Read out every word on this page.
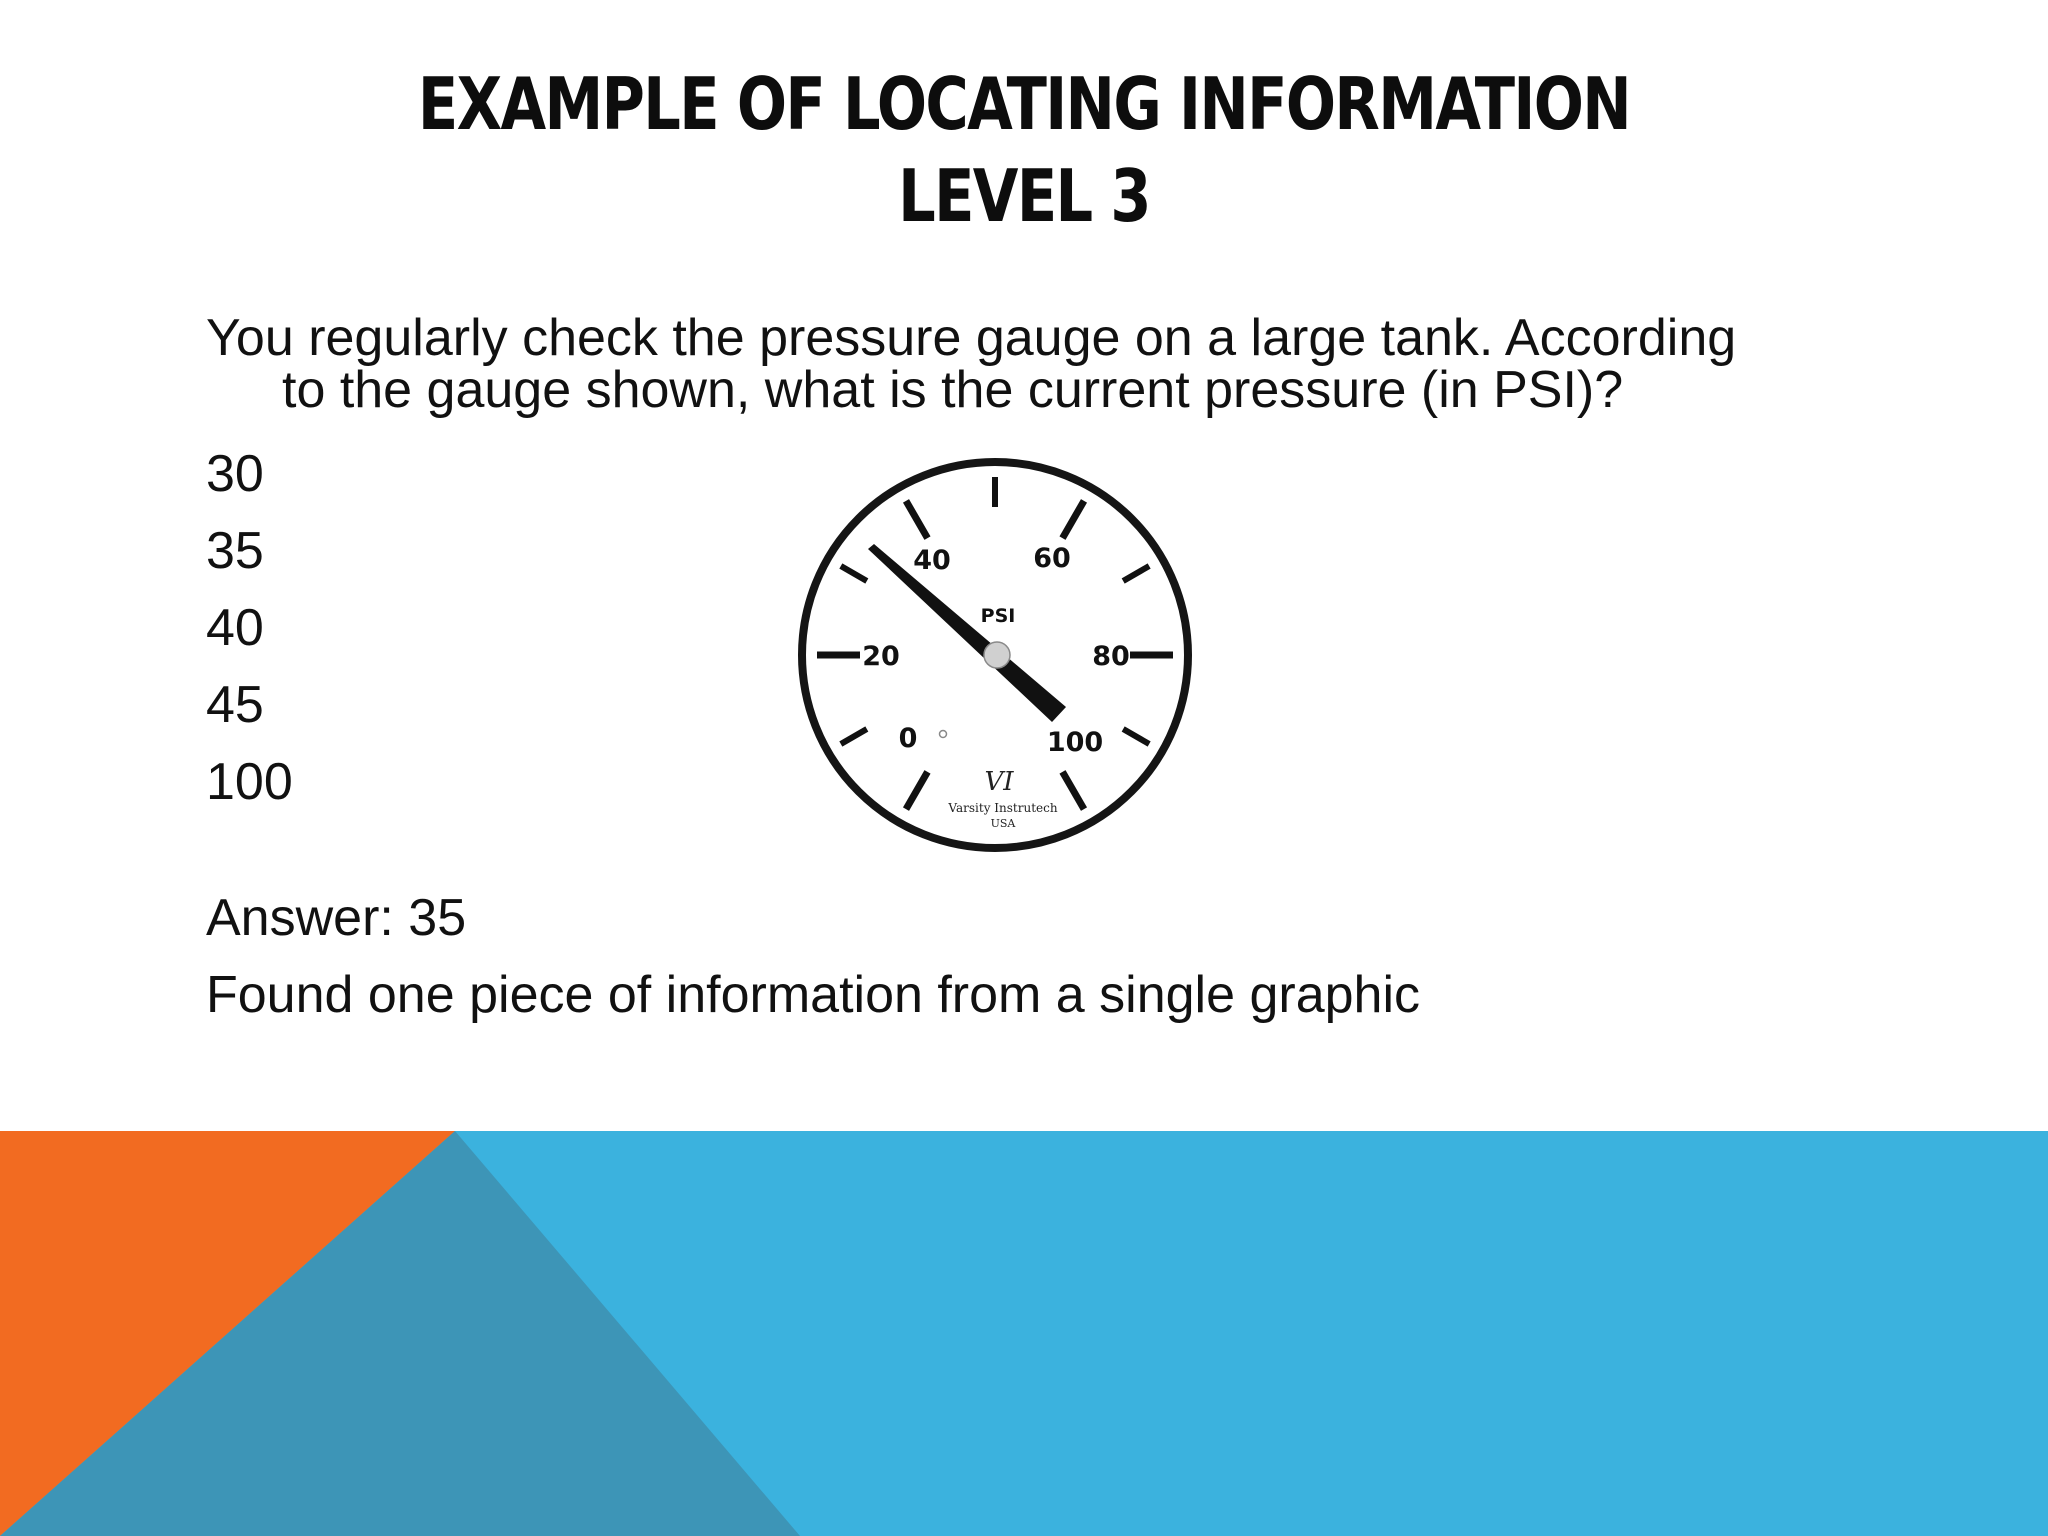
EXAMPLE OF LOCATING INFORMATION
LEVEL 3
You regularly check the pressure gauge on a large tank. According
to the gauge shown, what is the current pressure (in PSI)?
30
35
40
45
100
0
20
40	60
80
100
PSI
VI
Varsity Instrutech
USA
Answer: 35
Found one piece of information from a single graphic
